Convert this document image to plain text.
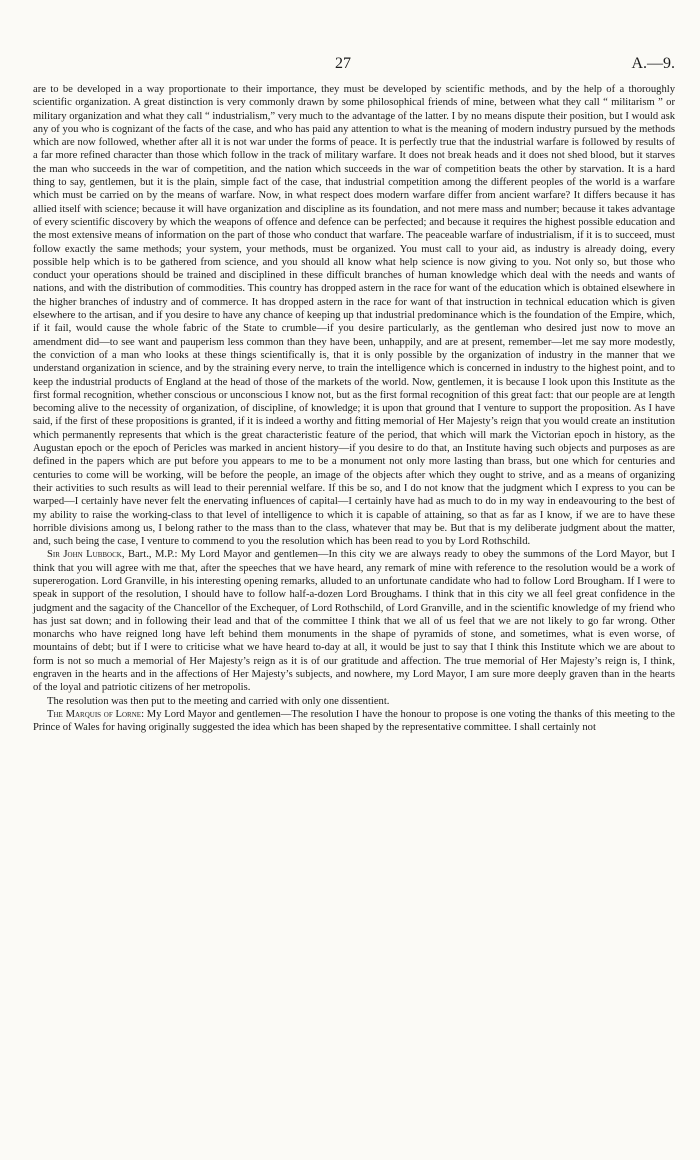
27	A.—9.

are to be developed in a way proportionate to their importance, they must be developed by scientific methods, and by the help of a thoroughly scientific organization. A great distinction is very commonly drawn by some philosophical friends of mine, between what they call “ militarism ” or military organization and what they call “ industrialism,” very much to the advantage of the latter. I by no means dispute their position, but I would ask any of you who is cognizant of the facts of the case, and who has paid any attention to what is the meaning of modern industry pursued by the methods which are now followed, whether after all it is not war under the forms of peace. It is perfectly true that the industrial warfare is followed by results of a far more refined character than those which follow in the track of military warfare. It does not break heads and it does not shed blood, but it starves the man who succeeds in the war of competition, and the nation which succeeds in the war of competition beats the other by starvation. It is a hard thing to say, gentlemen, but it is the plain, simple fact of the case, that industrial competition among the different peoples of the world is a warfare which must be carried on by the means of warfare. Now, in what respect does modern warfare differ from ancient warfare? It differs because it has allied itself with science; because it will have organization and discipline as its foundation, and not mere mass and number; because it takes advantage of every scientific discovery by which the weapons of offence and defence can be perfected; and because it requires the highest possible education and the most extensive means of information on the part of those who conduct that warfare. The peaceable warfare of industrialism, if it is to succeed, must follow exactly the same methods; your system, your methods, must be organized. You must call to your aid, as industry is already doing, every possible help which is to be gathered from science, and you should all know what help science is now giving to you. Not only so, but those who conduct your operations should be trained and disciplined in these difficult branches of human knowledge which deal with the needs and wants of nations, and with the distribution of commodities. This country has dropped astern in the race for want of the education which is obtained elsewhere in the higher branches of industry and of commerce. It has dropped astern in the race for want of that instruction in technical education which is given elsewhere to the artisan, and if you desire to have any chance of keeping up that industrial predominance which is the foundation of the Empire, which, if it fail, would cause the whole fabric of the State to crumble—if you desire particularly, as the gentleman who desired just now to move an amendment did—to see want and pauperism less common than they have been, unhappily, and are at present, remember—let me say more modestly, the conviction of a man who looks at these things scientifically is, that it is only possible by the organization of industry in the manner that we understand organization in science, and by the straining every nerve, to train the intelligence which is concerned in industry to the highest point, and to keep the industrial products of England at the head of those of the markets of the world. Now, gentlemen, it is because I look upon this Institute as the first formal recognition, whether conscious or unconscious I know not, but as the first formal recognition of this great fact: that our people are at length becoming alive to the necessity of organization, of discipline, of knowledge; it is upon that ground that I venture to support the proposition. As I have said, if the first of these propositions is granted, if it is indeed a worthy and fitting memorial of Her Majesty’s reign that you would create an institution which permanently represents that which is the great characteristic feature of the period, that which will mark the Victorian epoch in history, as the Augustan epoch or the epoch of Pericles was marked in ancient history—if you desire to do that, an Institute having such objects and purposes as are defined in the papers which are put before you appears to me to be a monument not only more lasting than brass, but one which for centuries and centuries to come will be working, will be before the people, an image of the objects after which they ought to strive, and as a means of organizing their activities to such results as will lead to their perennial welfare. If this be so, and I do not know that the judgment which I express to you can be warped—I certainly have never felt the enervating influences of capital—I certainly have had as much to do in my way in endeavouring to the best of my ability to raise the working-class to that level of intelligence to which it is capable of attaining, so that as far as I know, if we are to have these horrible divisions among us, I belong rather to the mass than to the class, whatever that may be. But that is my deliberate judgment about the matter, and, such being the case, I venture to commend to you the resolution which has been read to you by Lord Rothschild.

Sir John Lubbock, Bart., M.P.: My Lord Mayor and gentlemen—In this city we are always ready to obey the summons of the Lord Mayor, but I think that you will agree with me that, after the speeches that we have heard, any remark of mine with reference to the resolution would be a work of supererogation. Lord Granville, in his interesting opening remarks, alluded to an unfortunate candidate who had to follow Lord Brougham. If I were to speak in support of the resolution, I should have to follow half-a-dozen Lord Broughams. I think that in this city we all feel great confidence in the judgment and the sagacity of the Chancellor of the Exchequer, of Lord Rothschild, of Lord Granville, and in the scientific knowledge of my friend who has just sat down; and in following their lead and that of the committee I think that we all of us feel that we are not likely to go far wrong. Other monarchs who have reigned long have left behind them monuments in the shape of pyramids of stone, and sometimes, what is even worse, of mountains of debt; but if I were to criticise what we have heard to-day at all, it would be just to say that I think this Institute which we are about to form is not so much a memorial of Her Majesty’s reign as it is of our gratitude and affection. The true memorial of Her Majesty’s reign is, I think, engraven in the hearts and in the affections of Her Majesty’s subjects, and nowhere, my Lord Mayor, I am sure more deeply graven than in the hearts of the loyal and patriotic citizens of her metropolis.

The resolution was then put to the meeting and carried with only one dissentient.

The Marquis of Lorne: My Lord Mayor and gentlemen—The resolution I have the honour to propose is one voting the thanks of this meeting to the Prince of Wales for having originally suggested the idea which has been shaped by the representative committee. I shall certainly not
